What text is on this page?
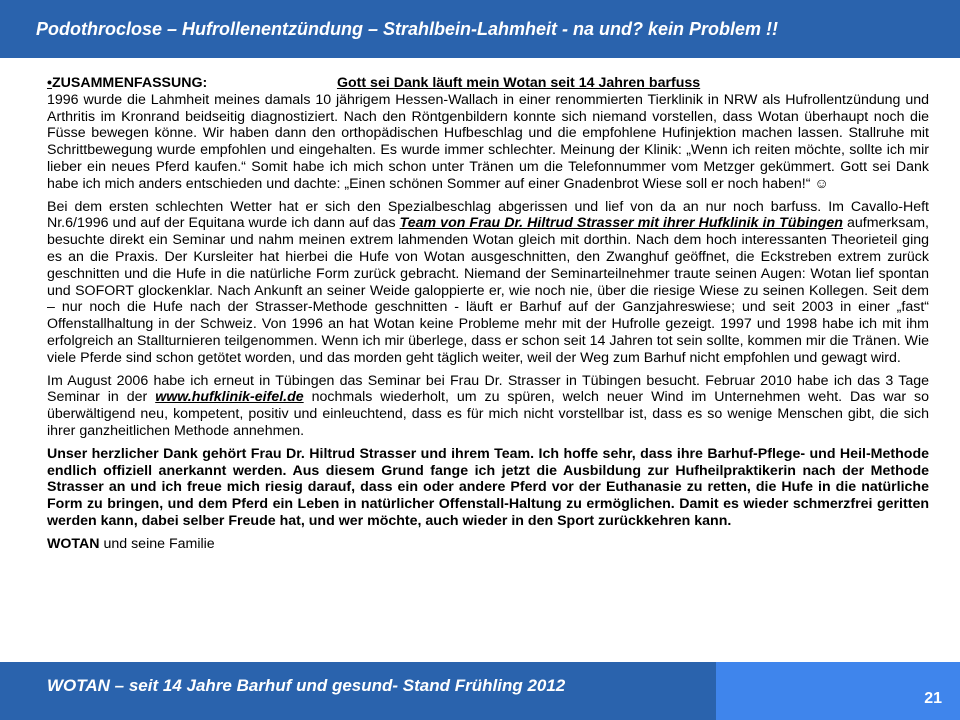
Podothroclose – Hufrollenentzündung – Strahlbein-Lahmheit - na und? kein Problem !!
•ZUSAMMENFASSUNG:	Gott sei Dank läuft mein Wotan seit 14 Jahren barfuss

1996 wurde die Lahmheit meines damals 10 jährigem Hessen-Wallach in einer renommierten Tierklinik in NRW als Hufrollentzündung und Arthritis im Kronrand beidseitig diagnostiziert. Nach den Röntgenbildern konnte sich niemand vorstellen, dass Wotan überhaupt noch die Füsse bewegen könne. Wir haben dann den orthopädischen Hufbeschlag und die empfohlene Hufinjektion machen lassen. Stallruhe mit Schrittbewegung wurde empfohlen und eingehalten. Es wurde immer schlechter. Meinung der Klinik: „Wenn ich reiten möchte, sollte ich mir lieber ein neues Pferd kaufen.“ Somit habe ich mich schon unter Tränen um die Telefonnummer vom Metzger gekümmert. Gott sei Dank habe ich mich anders entschieden und dachte: „Einen schönen Sommer auf einer Gnadenbrot Wiese soll er noch haben!“ ☺

Bei dem ersten schlechten Wetter hat er sich den Spezialbeschlag abgerissen und lief von da an nur noch barfuss. Im Cavallo-Heft Nr.6/1996 und auf der Equitana wurde ich dann auf das Team von Frau Dr. Hiltrud Strasser mit ihrer Hufklinik in Tübingen aufmerksam, besuchte direkt ein Seminar und nahm meinen extrem lahmenden Wotan gleich mit dorthin. Nach dem hoch interessanten Theorieteil ging es an die Praxis. Der Kursleiter hat hierbei die Hufe von Wotan ausgeschnitten, den Zwanghuf geöffnet, die Eckstreben extrem zurück geschnitten und die Hufe in die natürliche Form zurück gebracht. Niemand der Seminarteilnehmer traute seinen Augen: Wotan lief spontan und SOFORT glockenklar. Nach Ankunft an seiner Weide galoppierte er, wie noch nie, über die riesige Wiese zu seinen Kollegen. Seit dem – nur noch die Hufe nach der Strasser-Methode geschnitten - läuft er Barhuf auf der Ganzjahreswiese; und seit 2003 in einer „fast“ Offenstallhaltung in der Schweiz. Von 1996 an hat Wotan keine Probleme mehr mit der Hufrolle gezeigt. 1997 und 1998 habe ich mit ihm erfolgreich an Stallturnieren teilgenommen. Wenn ich mir überlege, dass er schon seit 14 Jahren tot sein sollte, kommen mir die Tränen. Wie viele Pferde sind schon getötet worden, und das morden geht täglich weiter, weil der Weg zum Barhuf nicht empfohlen und gewagt wird.

Im August 2006 habe ich erneut in Tübingen das Seminar bei Frau Dr. Strasser in Tübingen besucht. Februar 2010 habe ich das 3 Tage Seminar in der www.hufklinik-eifel.de nochmals wiederholt, um zu spüren, welch neuer Wind im Unternehmen weht. Das war so überwältigend neu, kompetent, positiv und einleuchtend, dass es für mich nicht vorstellbar ist, dass es so wenige Menschen gibt, die sich ihrer ganzheitlichen Methode annehmen.

Unser herzlicher Dank gehört Frau Dr. Hiltrud Strasser und ihrem Team. Ich hoffe sehr, dass ihre Barhuf-Pflege- und Heil-Methode endlich offiziell anerkannt werden. Aus diesem Grund fange ich jetzt die Ausbildung zur Hufheilpraktikerin nach der Methode Strasser an und ich freue mich riesig darauf, dass ein oder andere Pferd vor der Euthanasie zu retten, die Hufe in die natürliche Form zu bringen, und dem Pferd ein Leben in natürlicher Offenstall-Haltung zu ermöglichen. Damit es wieder schmerzfrei geritten werden kann, dabei selber Freude hat, und wer möchte, auch wieder in den Sport zurückkehren kann.

WOTAN und seine Familie

WOTAN – seit 14 Jahre Barhuf und gesund- Stand Frühling 2012
21
